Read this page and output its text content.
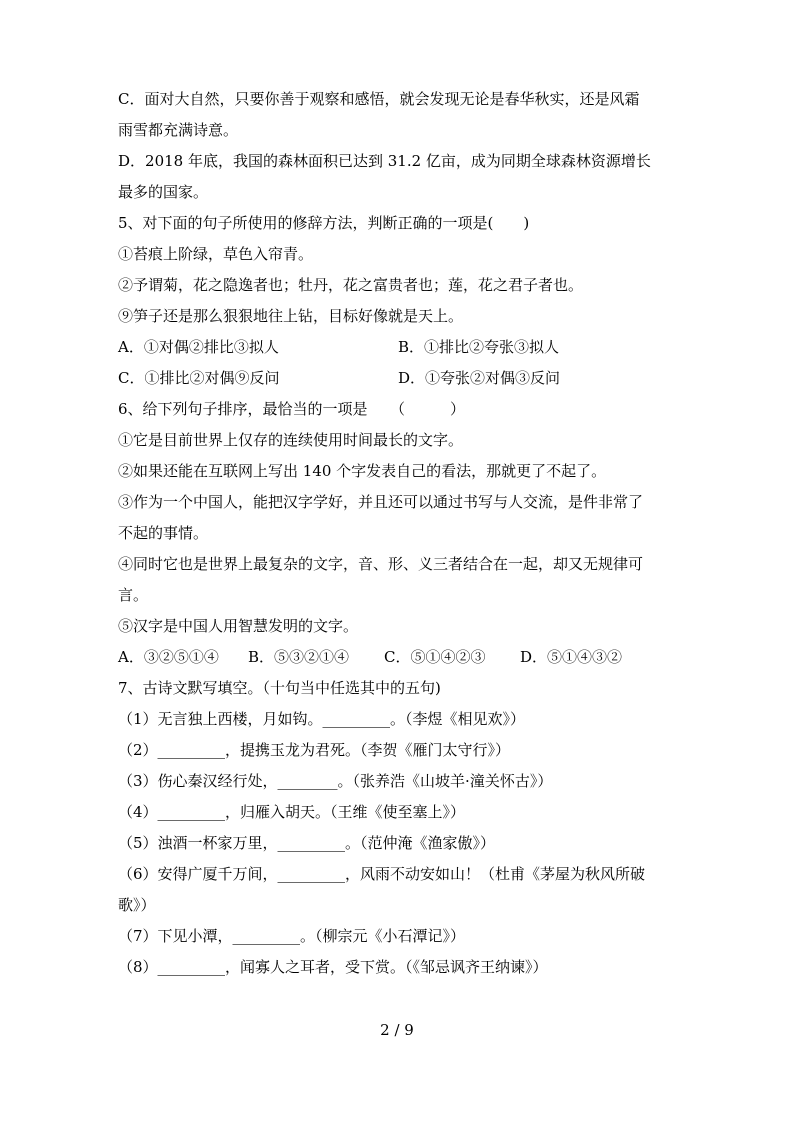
C．面对大自然，只要你善于观察和感悟，就会发现无论是春华秋实，还是风霜
雨雪都充满诗意。
D．2018 年底，我国的森林面积已达到 31.2 亿亩，成为同期全球森林资源增长
最多的国家。
5、对下面的句子所使用的修辞方法，判断正确的一项是(　　)
①苔痕上阶绿，草色入帘青。
②予谓菊，花之隐逸者也；牡丹，花之富贵者也；莲，花之君子者也。
⑨笋子还是那么狠狠地往上钻，目标好像就是天上。
A．①对偶②排比③拟人	B．①排比②夸张③拟人
C．①排比②对偶⑨反问	D．①夸张②对偶③反问
6、给下列句子排序，最恰当的一项是　　（　　　）
①它是目前世界上仅存的连续使用时间最长的文字。
②如果还能在互联网上写出 140 个字发表自己的看法，那就更了不起了。
③作为一个中国人，能把汉字学好，并且还可以通过书写与人交流，是件非常了
不起的事情。
④同时它也是世界上最复杂的文字，音、形、义三者结合在一起，却又无规律可
言。
⑤汉字是中国人用智慧发明的文字。
A．③②⑤①④	B．⑤③②①④	C．⑤①④②③	D．⑤①④③②
7、古诗文默写填空。（十句当中任选其中的五句)
（1）无言独上西楼，月如钩。_________。（李煜《相见欢》）
（2）_________，提携玉龙为君死。（李贺《雁门太守行》）
（3）伤心秦汉经行处，________。（张养浩《山坡羊·潼关怀古》）
（4）_________，归雁入胡天。（王维《使至塞上》）
（5）浊酒一杯家万里，_________。（范仲淹《渔家傲》）
（6）安得广厦千万间，_________，风雨不动安如山！（杜甫《茅屋为秋风所破
歌》）
（7）下见小潭，_________。（柳宗元《小石潭记》）
（8）_________，闻寡人之耳者，受下赏。（《邹忌讽齐王纳谏》）
2 / 9
